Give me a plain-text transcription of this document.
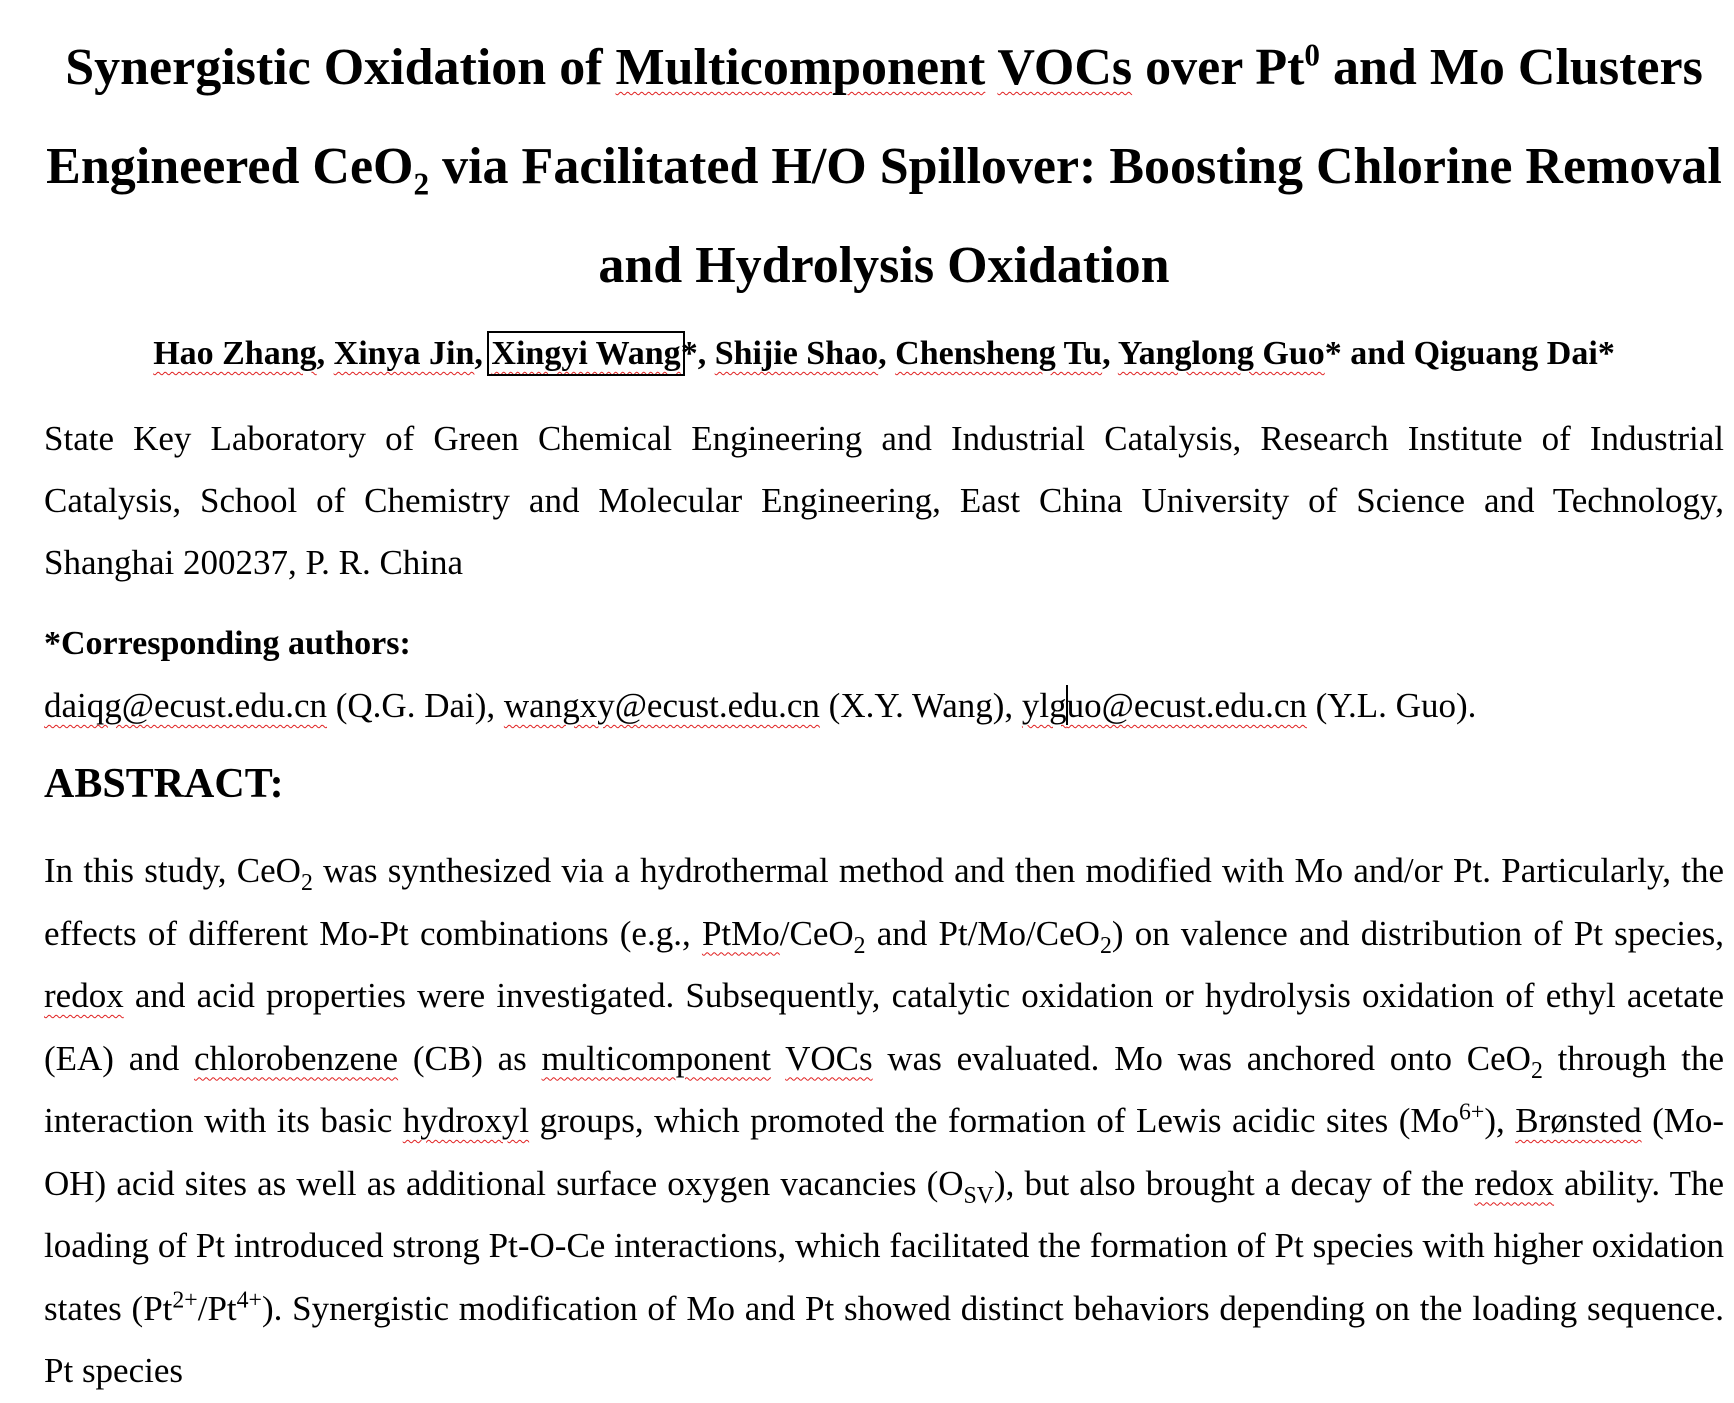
Synergistic Oxidation of Multicomponent VOCs over Pt$^0$ and Mo Clusters Engineered CeO$_2$ via Facilitated H/O Spillover: Boosting Chlorine Removal and Hydrolysis Oxidation
Hao Zhang, Xinya Jin, Xingyi Wang*, Shijie Shao, Chensheng Tu, Yanglong Guo* and Qiguang Dai*
State Key Laboratory of Green Chemical Engineering and Industrial Catalysis, Research Institute of Industrial Catalysis, School of Chemistry and Molecular Engineering, East China University of Science and Technology, Shanghai 200237, P. R. China
*Corresponding authors:
daiqg@ecust.edu.cn (Q.G. Dai), wangxy@ecust.edu.cn (X.Y. Wang), ylguo@ecust.edu.cn (Y.L. Guo).
ABSTRACT:
In this study, CeO$_2$ was synthesized via a hydrothermal method and then modified with Mo and/or Pt. Particularly, the effects of different Mo-Pt combinations (e.g., PtMo/CeO$_2$ and Pt/Mo/CeO$_2$) on valence and distribution of Pt species, redox and acid properties were investigated. Subsequently, catalytic oxidation or hydrolysis oxidation of ethyl acetate (EA) and chlorobenzene (CB) as multicomponent VOCs was evaluated. Mo was anchored onto CeO$_2$ through the interaction with its basic hydroxyl groups, which promoted the formation of Lewis acidic sites $(Mo^{6+})$, Brønsted (Mo-OH) acid sites as well as additional surface oxygen vacancies $(O_{SV})$, but also brought a decay of the redox ability. The loading of Pt introduced strong Pt-O-Ce interactions, which facilitated the formation of Pt species with higher oxidation states $(Pt^{2+}/Pt^{4+})$. Synergistic modification of Mo and Pt showed distinct behaviors depending on the loading sequence. Pt species
